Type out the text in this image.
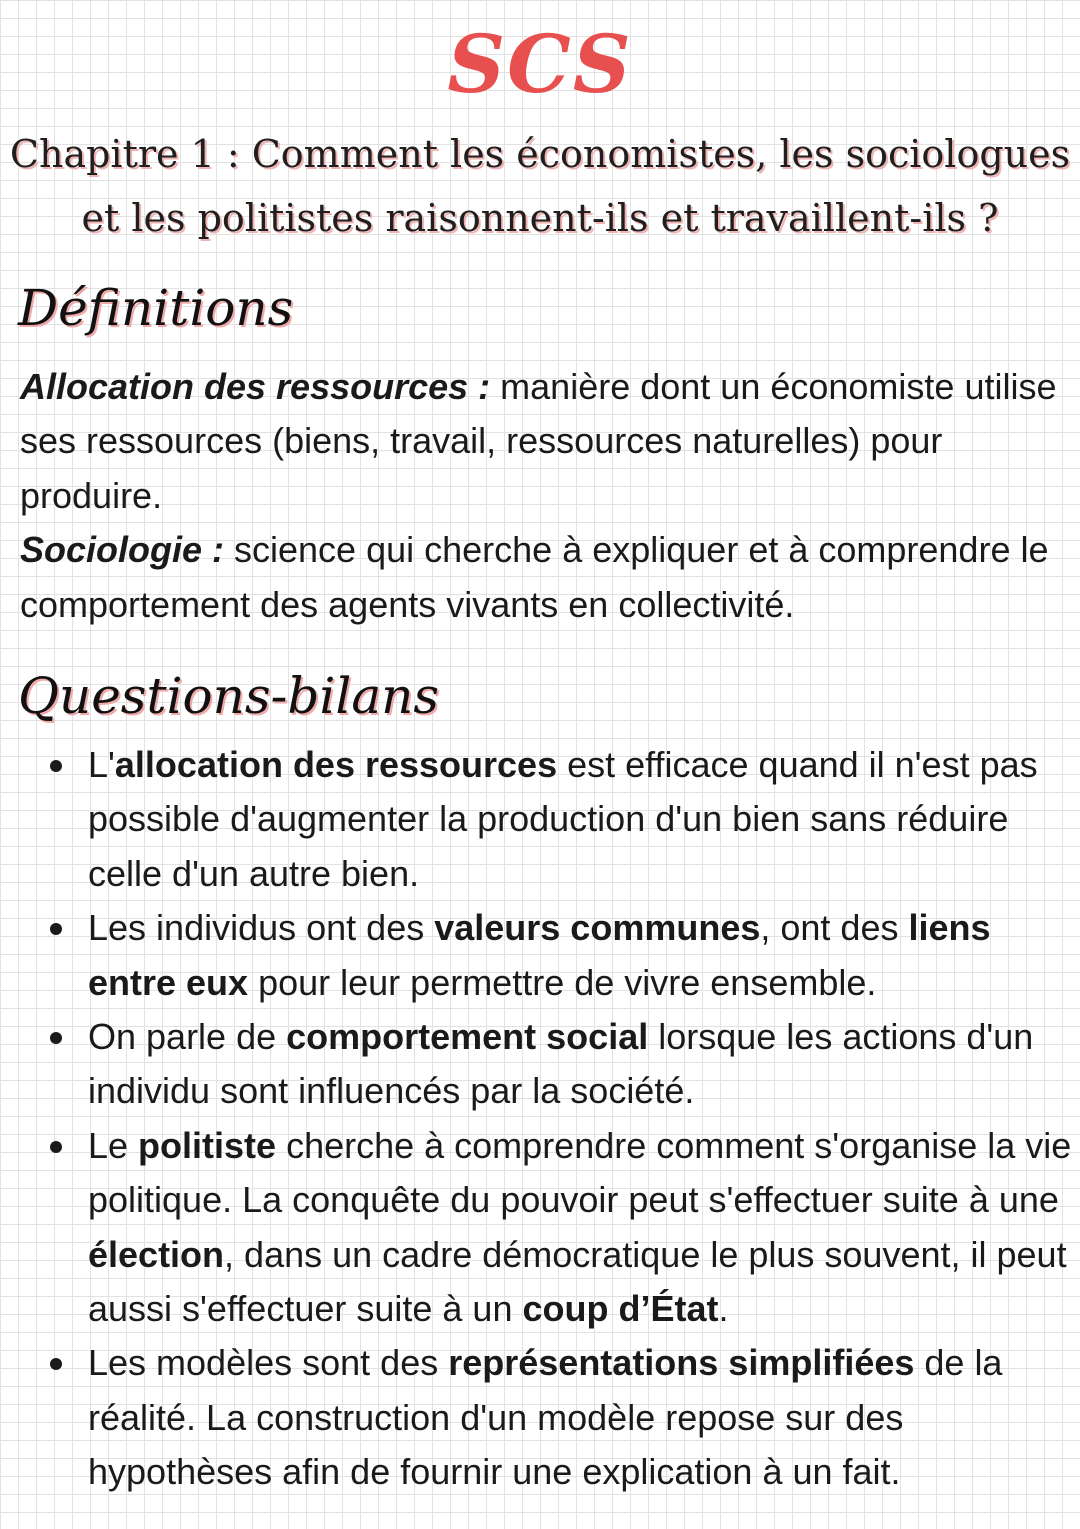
SCS
Chapitre 1 : Comment les économistes, les sociologues
et les politistes raisonnent-ils et travaillent-ils ?
Définitions

Allocation des ressources : manière dont un économiste utilise ses ressources (biens, travail, ressources naturelles) pour produire.

Sociologie : science qui cherche à expliquer et à comprendre le comportement des agents vivants en collectivité.

Questions-bilans
L'allocation des ressources est efficace quand il n'est pas possible d'augmenter la production d'un bien sans réduire celle d'un autre bien.
Les individus ont des valeurs communes, ont des liens entre eux pour leur permettre de vivre ensemble.
On parle de comportement social lorsque les actions d'un individu sont influencés par la société.
Le politiste cherche à comprendre comment s'organise la vie politique. La conquête du pouvoir peut s'effectuer suite à une élection, dans un cadre démocratique le plus souvent, il peut aussi s'effectuer suite à un coup d’État.
Les modèles sont des représentations simplifiées de la réalité. La construction d'un modèle repose sur des hypothèses afin de fournir une explication à un fait.
